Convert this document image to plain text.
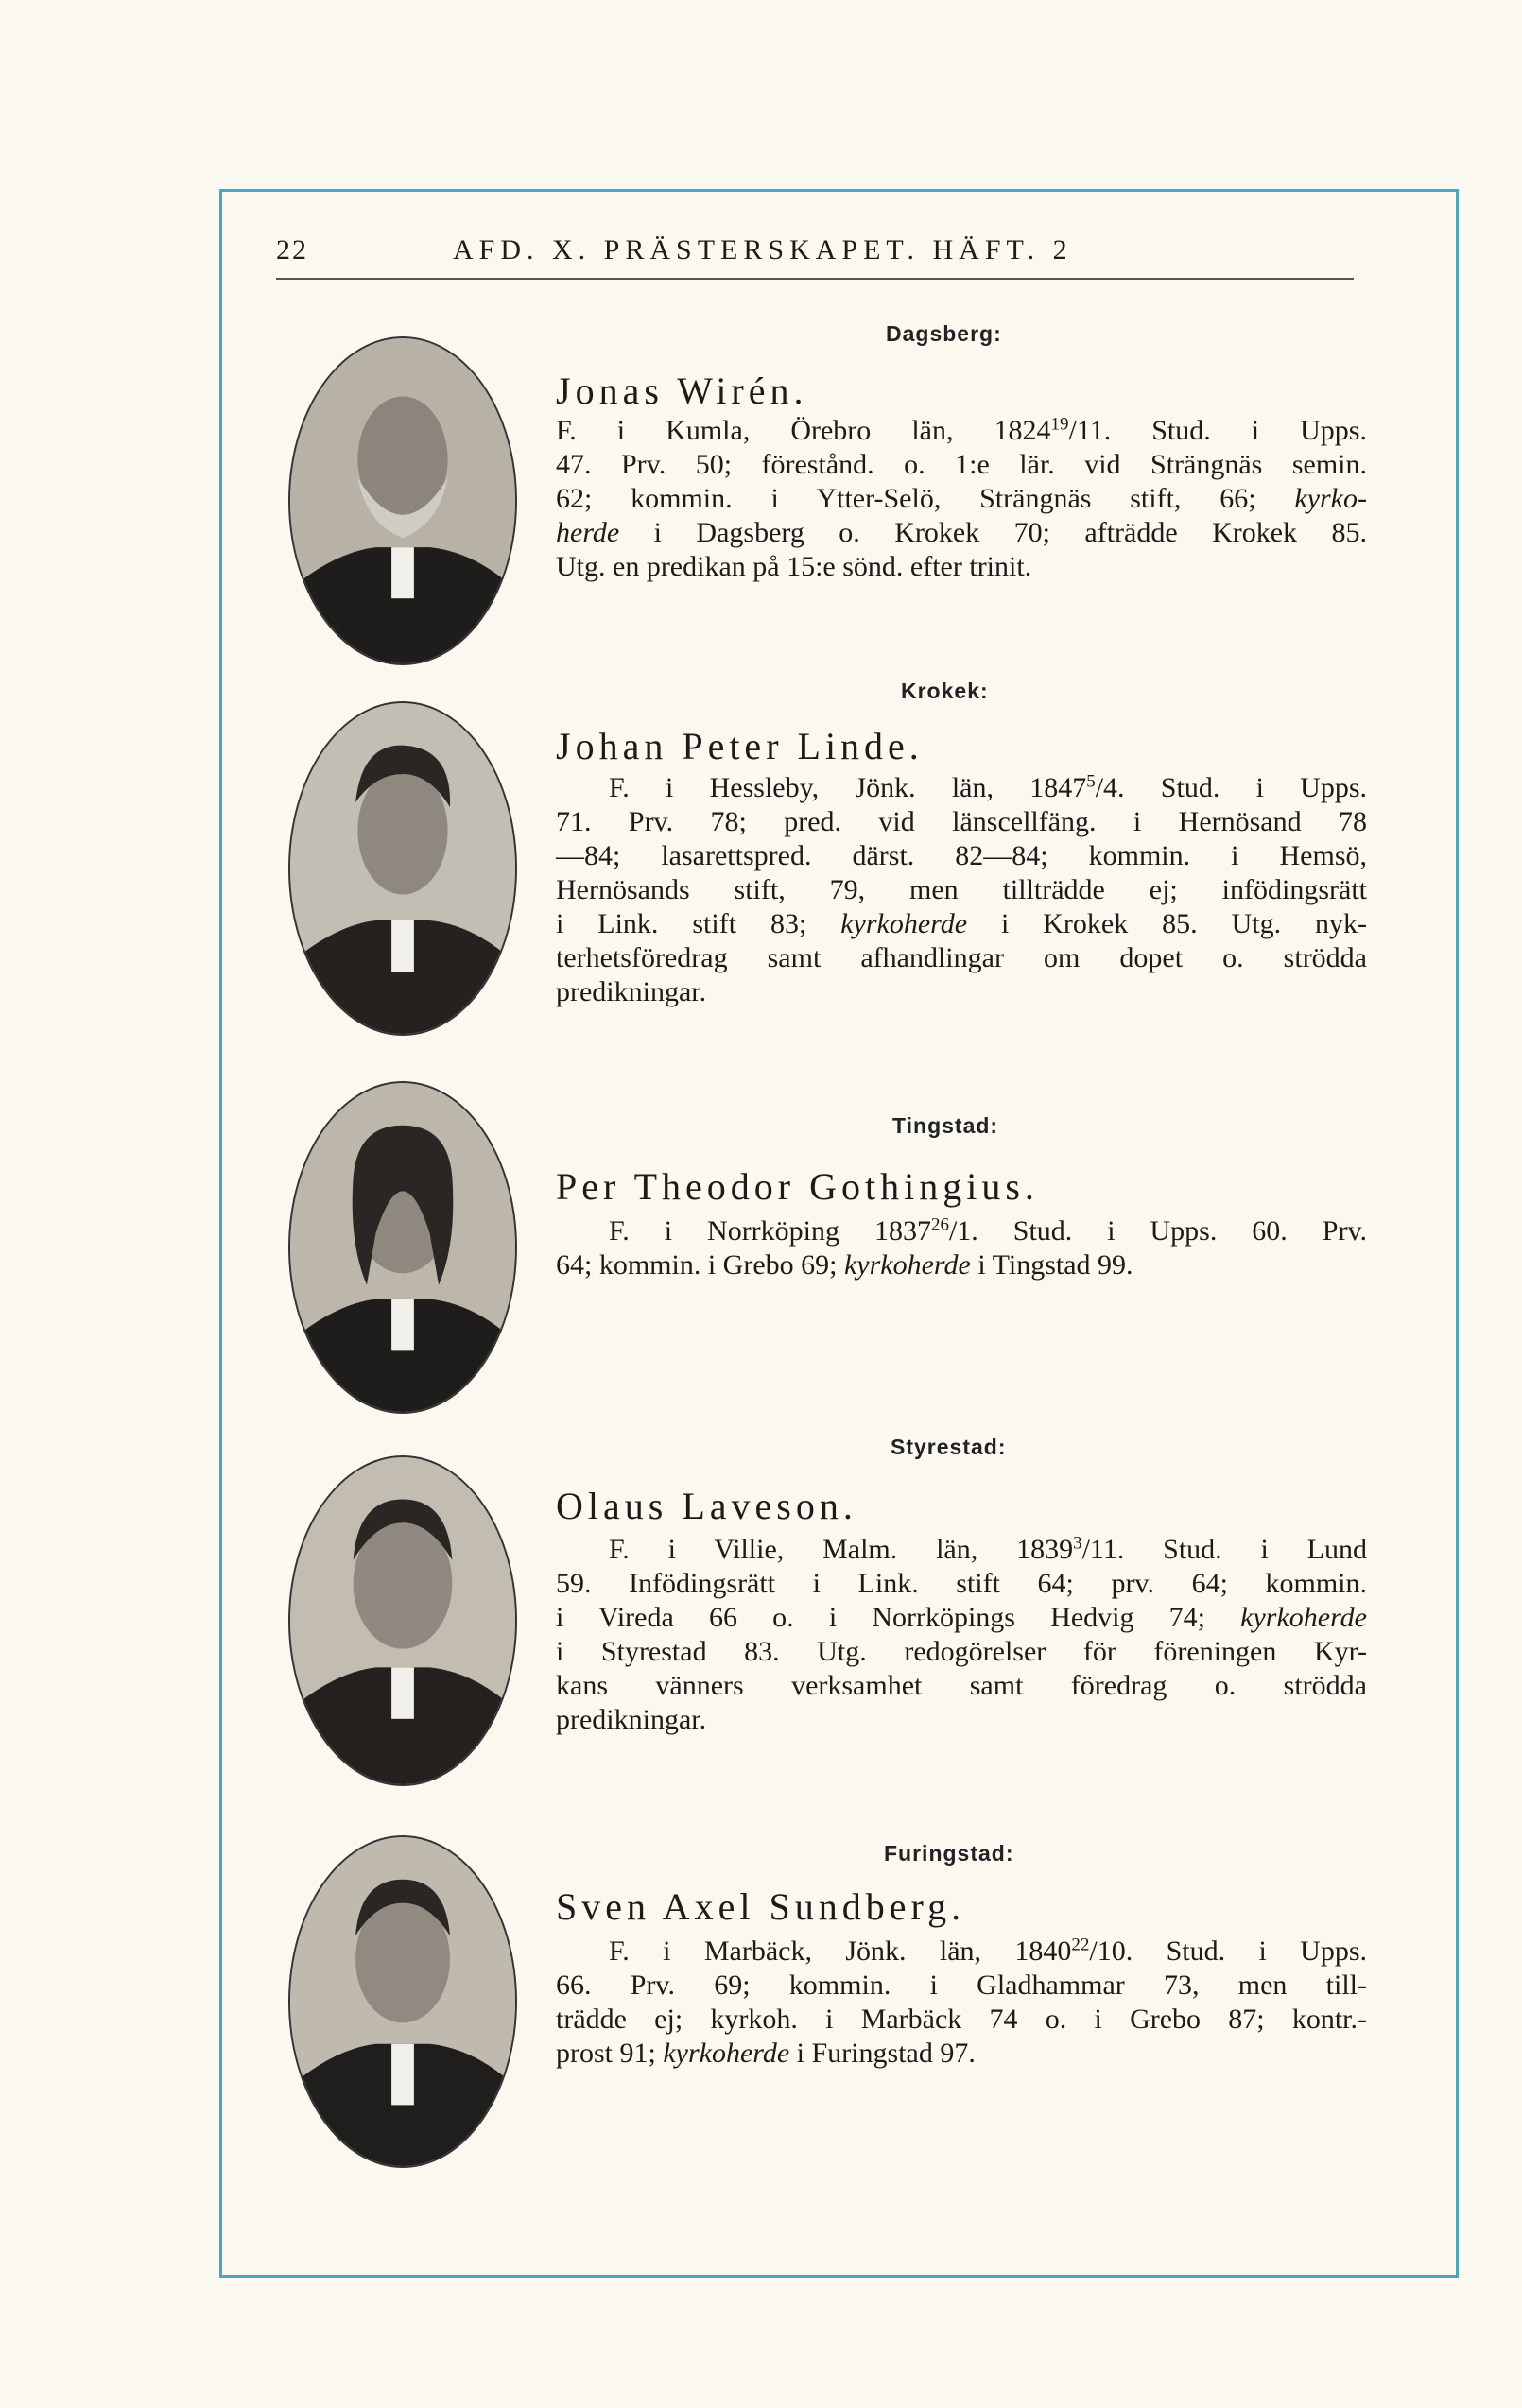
22	AFD. X. PRÄSTERSKAPET. HÄFT. 2
Dagsberg:
Jonas Wirén.
F. i Kumla, Örebro län, 1824$^{19}$/11. Stud. i Upps.
47. Prv. 50; förestånd. o. 1:e lär. vid Strängnäs semin.
62; kommin. i Ytter-Selö, Strängnäs stift, 66; kyrko-
herde i Dagsberg o. Krokek 70; afträdde Krokek 85.
Utg. en predikan på 15:e sönd. efter trinit.
Krokek:
Johan Peter Linde.
F. i Hessleby, Jönk. län, 1847$^5$/4. Stud. i Upps.
71. Prv. 78; pred. vid länscellfäng. i Hernösand 78
—84; lasarettspred. därst. 82—84; kommin. i Hemsö,
Hernösands stift, 79, men tillträdde ej; infödingsrätt
i Link. stift 83; kyrkoherde i Krokek 85. Utg. nyk-
terhetsföredrag samt afhandlingar om dopet o. strödda
predikningar.
Tingstad:
Per Theodor Gothingius.
F. i Norrköping 1837$^{26}$/1. Stud. i Upps. 60. Prv.
64; kommin. i Grebo 69; kyrkoherde i Tingstad 99.
Styrestad:
Olaus Laveson.
F. i Villie, Malm. län, 1839$^3$/11. Stud. i Lund
59. Infödingsrätt i Link. stift 64; prv. 64; kommin.
i Vireda 66 o. i Norrköpings Hedvig 74; kyrkoherde
i Styrestad 83. Utg. redogörelser för föreningen Kyr-
kans vänners verksamhet samt föredrag o. strödda
predikningar.
Furingstad:
Sven Axel Sundberg.
F. i Marbäck, Jönk. län, 1840$^{22}$/10. Stud. i Upps.
66. Prv. 69; kommin. i Gladhammar 73, men till-
trädde ej; kyrkoh. i Marbäck 74 o. i Grebo 87; kontr.-
prost 91; kyrkoherde i Furingstad 97.
